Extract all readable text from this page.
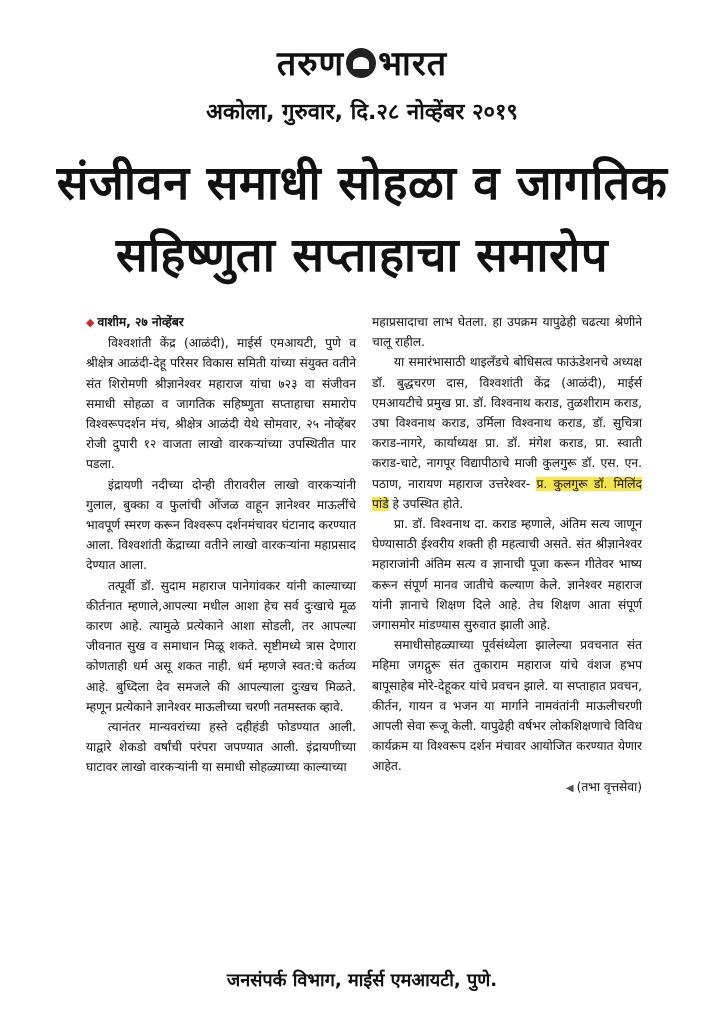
तरुण भारत
अकोला, गुरुवार, दि.२८ नोव्हेंबर २०१९
संजीवन समाधी सोहळा व जागतिक
सहिष्णुता सप्ताहाचा समारोप

◆ वाशीम, २७ नोव्हेंबर

विश्वशांती केंद्र (आळंदी), माईर्स एमआयटी, पुणे व श्रीक्षेत्र आळंदी-देहू परिसर विकास समिती यांच्या संयुक्त वतीने संत शिरोमणी श्रीज्ञानेश्वर महाराज यांचा ७२३ वा संजीवन समाधी सोहळा व जागतिक सहिष्णुता सप्ताहाचा समारोप विश्वरूपदर्शन मंच, श्रीक्षेत्र आळंदी येथे सोमवार, २५ नोव्हेंबर रोजी दुपारी १२ वाजता लाखो वारकऱ्यांच्या उपस्थितीत पार पडला.

इंद्रायणी नदीच्या दोन्ही तीरावरील लाखो वारकऱ्यांनी गुलाल, बुक्का व फुलांची ओंजळ वाहून ज्ञानेश्वर माऊलींचे भावपूर्ण स्मरण करून विश्वरूप दर्शनमंचावर घंटानाद करण्यात आला. विश्वशांती केंद्राच्या वतीने लाखो वारकऱ्यांना महाप्रसाद देण्यात आला.

तत्पूर्वी डॉ. सुदाम महाराज पानेगांवकर यांनी काल्याच्या कीर्तनात म्हणाले,आपल्या मधील आशा हेच सर्व दुःखाचे मूळ कारण आहे. त्यामुळे प्रत्येकाने आशा सोडली, तर आपल्या जीवनात सुख व समाधान मिळू शकते. सृष्टीमध्ये त्रास देणारा कोणताही धर्म असू शकत नाही. धर्म म्हणजे स्वत:चे कर्तव्य आहे. बुध्दिला देव समजले की आपल्याला दुःखच मिळते. म्हणून प्रत्येकाने ज्ञानेश्वर माऊलीच्या चरणी नतमस्तक व्हावे.

त्यानंतर मान्यवरांच्या हस्ते दहीहंडी फोडण्यात आली. याद्वारे शेकडो वर्षांची परंपरा जपण्यात आली. इंद्रायणीच्या घाटावर लाखो वारकऱ्यांनी या समाधी सोहळ्याच्या काल्याच्या

महाप्रसादाचा लाभ घेतला. हा उपक्रम यापुढेही चढत्या श्रेणीने चालू राहील.

या समारंभासाठी थाइलँडचे बोधिसत्व फाऊंडेशनचे अध्यक्ष डॉ. बुद्धचरण दास, विश्वशांती केंद्र (आळंदी), माईर्स एमआयटीचे प्रमुख प्रा. डॉ. विश्वनाथ कराड, तुळशीराम कराड, उषा विश्वनाथ कराड, उर्मिला विश्वनाथ कराड, डॉ. सुचित्रा कराड-नागरे, कार्याध्यक्ष प्रा. डॉ. मंगेश कराड, प्रा. स्वाती कराड-चाटे, नागपूर विद्यापीठाचे माजी कुलगुरू डॉ. एस. एन. पठाण, नारायण महाराज उत्तरेश्वर- प्र. कुलगुरू डॉ. मिलिंद पांडे हे उपस्थित होते.

प्रा. डॉ. विश्वनाथ दा. कराड म्हणाले, अंतिम सत्य जाणून घेण्यासाठी ईश्वरीय शक्ती ही महत्वाची असते. संत श्रीज्ञानेश्वर महाराजांनी अंतिम सत्य व ज्ञानाची पूजा करून गीतेवर भाष्य करून संपूर्ण मानव जातीचे कल्याण केले. ज्ञानेश्वर महाराज यांनी ज्ञानाचे शिक्षण दिले आहे. तेच शिक्षण आता संपूर्ण जगासमोर मांडण्यास सुरुवात झाली आहे.

समाधीसोहळ्याच्या पूर्वसंध्येला झालेल्या प्रवचनात संत महिमा जगद्गुरू संत तुकाराम महाराज यांचे वंशज हभप बापूसाहेब मोरे-देहूकर यांचे प्रवचन झाले. या सप्ताहात प्रवचन, कीर्तन, गायन व भजन या मार्गाने नामवंतांनी माऊलीचरणी आपली सेवा रूजू केली. यापुढेही वर्षभर लोकशिक्षणाचे विविध कार्यक्रम या विश्वरूप दर्शन मंचावर आयोजित करण्यात येणार आहेत.

◀ (तभा वृत्तसेवा)

जनसंपर्क विभाग, माईर्स एमआयटी, पुणे.
